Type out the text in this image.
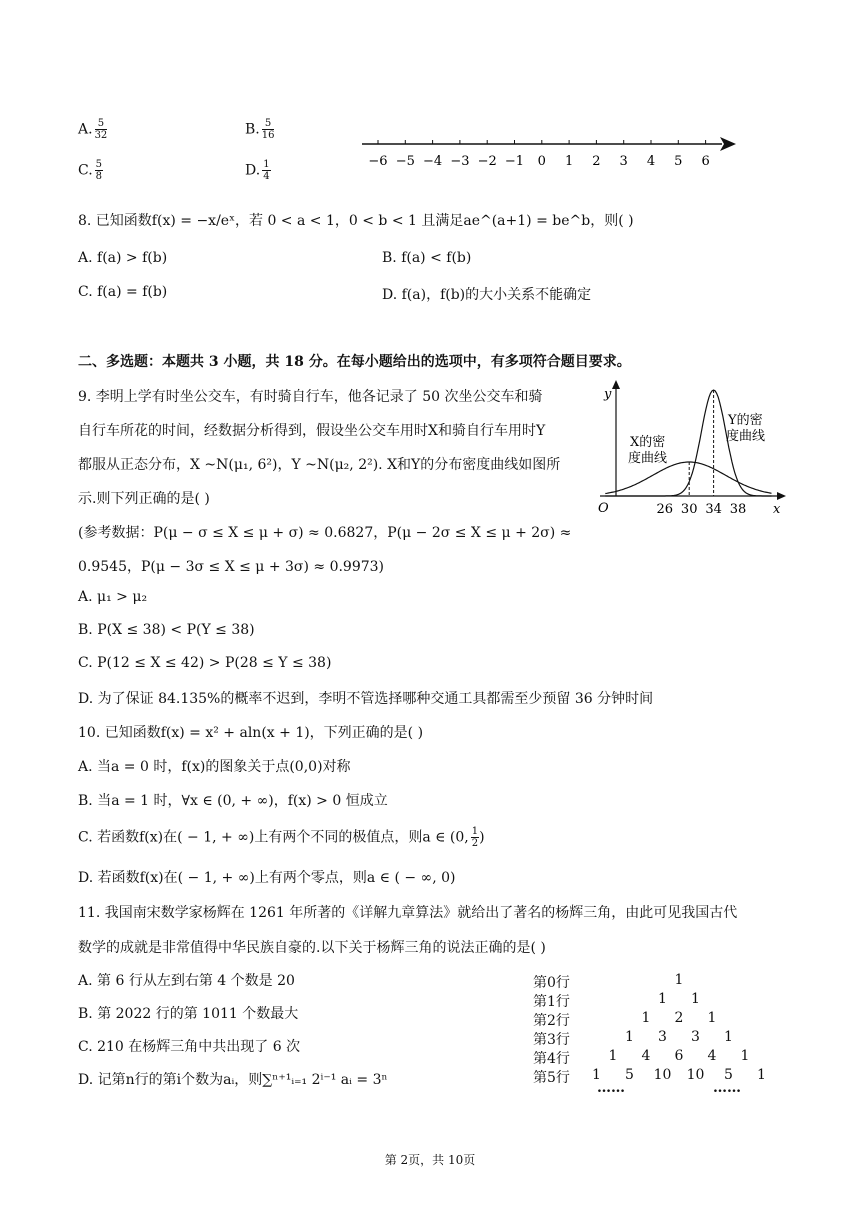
A. $\frac{5}{32}$	B. $\frac{5}{16}$
C. $\frac{5}{8}$	D. $\frac{1}{4}$	−6 −5 −4 −3 −2 −1 0 1 2 3 4 5 6
8. 已知函数f(x) = −x/eˣ，若 0 < a < 1，0 < b < 1 且满足ae^(a+1) = be^b，则( )
A. f(a) > f(b)	B. f(a) < f(b)
C. f(a) = f(b)	D. f(a)，f(b)的大小关系不能确定
二、多选题：本题共 3 小题，共 18 分。在每小题给出的选项中，有多项符合题目要求。
9. 李明上学有时坐公交车，有时骑自行车，他各记录了 50 次坐公交车和骑
自行车所花的时间，经数据分析得到，假设坐公交车用时X和骑自行车用时Y
都服从正态分布，X ~N(μ₁, 6²)，Y ~N(μ₂, 2²). X和Y的分布密度曲线如图所
示.则下列正确的是( )
(参考数据：P(μ − σ ≤ X ≤ μ + σ) ≈ 0.6827，P(μ − 2σ ≤ X ≤ μ + 2σ) ≈
0.9545，P(μ − 3σ ≤ X ≤ μ + 3σ) ≈ 0.9973)
A. μ₁ > μ₂
B. P(X ≤ 38) < P(Y ≤ 38)
C. P(12 ≤ X ≤ 42) > P(28 ≤ Y ≤ 38)
D. 为了保证 84.135%的概率不迟到，李明不管选择哪种交通工具都需至少预留 36 分钟时间
y
x
O
X的密
度曲线
Y的密
度曲线
26 30 34 38
10. 已知函数f(x) = x² + aln(x + 1)，下列正确的是( )
A. 当a = 0 时，f(x)的图象关于点(0,0)对称
B. 当a = 1 时，∀x ∈ (0, + ∞)，f(x) > 0 恒成立
C. 若函数f(x)在( − 1, + ∞)上有两个不同的极值点，则a ∈ (0, $\frac{1}{2}$ )
D. 若函数f(x)在( − 1, + ∞)上有两个零点，则a ∈ ( − ∞, 0)
11. 我国南宋数学家杨辉在 1261 年所著的《详解九章算法》就给出了著名的杨辉三角，由此可见我国古代
数学的成就是非常值得中华民族自豪的.以下关于杨辉三角的说法正确的是( )
A. 第 6 行从左到右第 4 个数是 20
B. 第 2022 行的第 1011 个数最大
C. 210 在杨辉三角中共出现了 6 次
D. 记第n行的第i个数为aᵢ，则∑ⁿ⁺¹ᵢ₌₁ 2ⁱ⁻¹ aᵢ = 3ⁿ
第0行	1
第1行	1	1
第2行	1	2	1
第3行	1	3	3	1
第4行	1	4	6	4	1
第5行	1	5	10 10	5	1
……	……
第 2页，共 10页
